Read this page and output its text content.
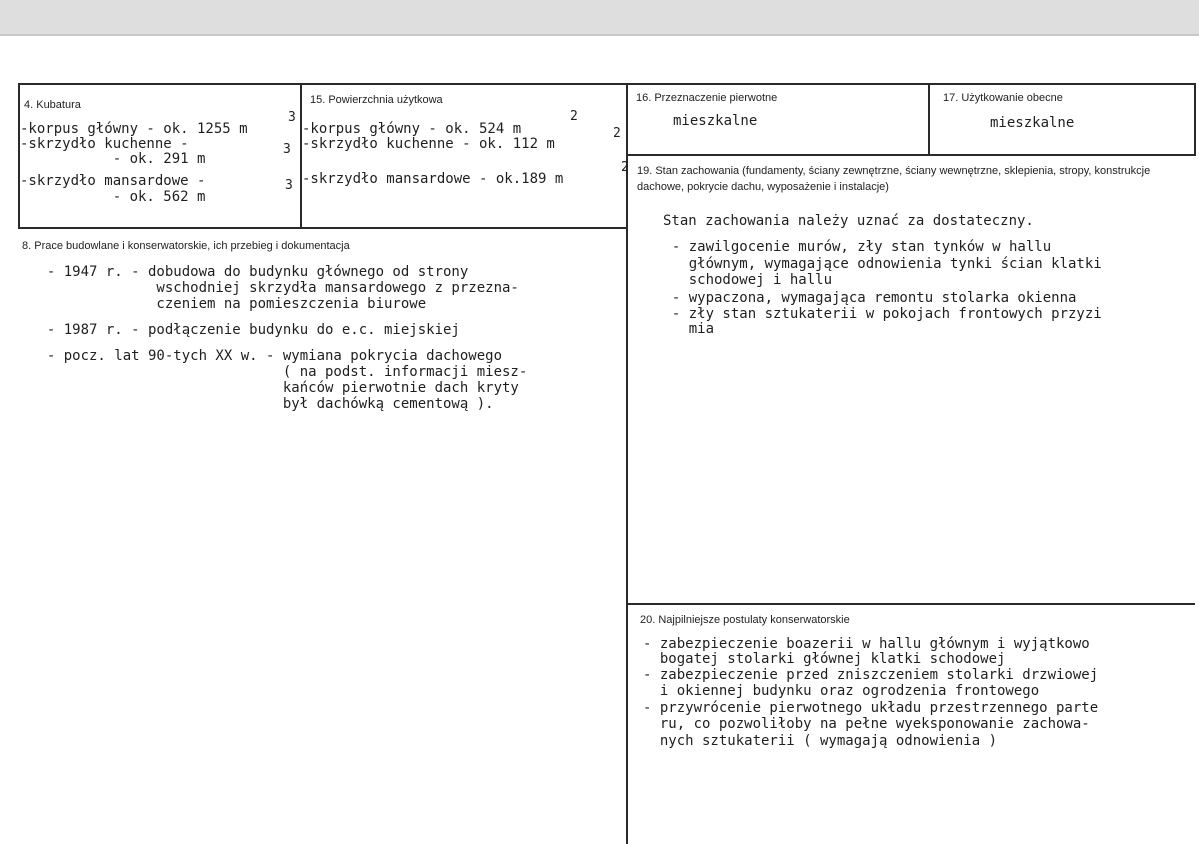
4. Kubatura
-korpus główny - ok. 1255 m
-skrzydło kuchenne -
- ok. 291 m
-skrzydło mansardowe -
- ok. 562 m
3
3
3
15. Powierzchnia użytkowa
-korpus główny - ok. 524 m
-skrzydło kuchenne - ok. 112 m
-skrzydło mansardowe - ok.189 m
2
2
2
16. Przeznaczenie pierwotne
mieszkalne
17. Użytkowanie obecne
mieszkalne
19. Stan zachowania (fundamenty, ściany zewnętrzne, ściany wewnętrzne, sklepienia, stropy, konstrukcje dachowe, pokrycie dachu, wyposażenie i instalacje)
Stan zachowania należy uznać za dostateczny.
- zawilgocenie murów, zły stan tynków w hallu
głównym, wymagające odnowienia tynki ścian klatki
schodowej i hallu
- wypaczona, wymagająca remontu stolarka okienna
- zły stan sztukaterii w pokojach frontowych przyzi
mia
8. Prace budowlane i konserwatorskie, ich przebieg i dokumentacja
- 1947 r. - dobudowa do budynku głównego od strony
wschodniej skrzydła mansardowego z przezna-
czeniem na pomieszczenia biurowe
- 1987 r. - podłączenie budynku do e.c. miejskiej
- pocz. lat 90-tych XX w. - wymiana pokrycia dachowego
( na podst. informacji miesz-
kańców pierwotnie dach kryty
był dachówką cementową ).
20. Najpilniejsze postulaty konserwatorskie
- zabezpieczenie boazerii w hallu głównym i wyjątkowo
bogatej stolarki głównej klatki schodowej
- zabezpieczenie przed zniszczeniem stolarki drzwiowej
i okiennej budynku oraz ogrodzenia frontowego
- przywrócenie pierwotnego układu przestrzennego parte
ru, co pozwoliłoby na pełne wyeksponowanie zachowa-
nych sztukaterii ( wymagają odnowienia )
